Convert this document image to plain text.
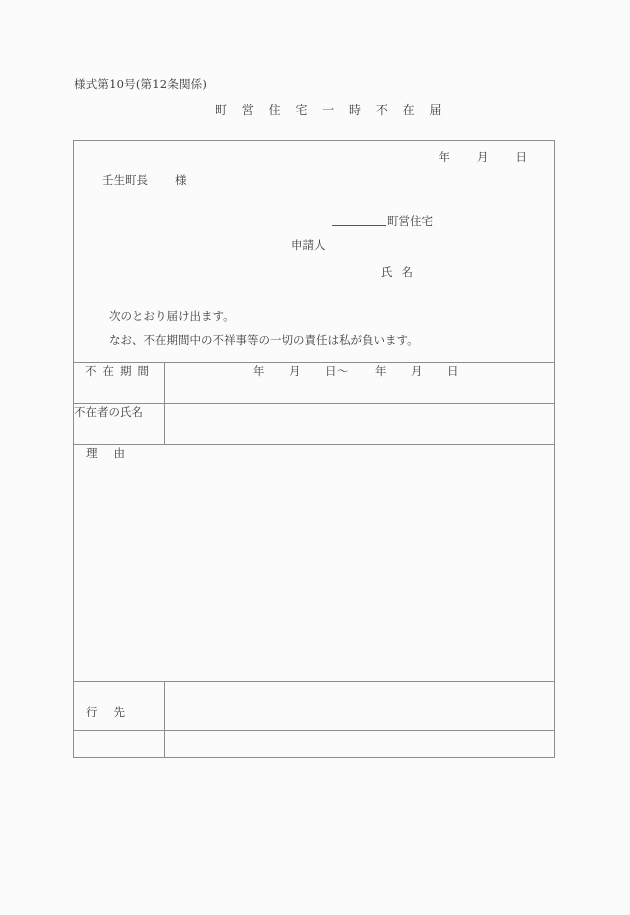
様式第10号(第12条関係)
町 営 住 宅 一 時 不 在 届
年 月 日
壬生町長 様
町営住宅
申請人
氏 名

次のとおり届け出ます。

なお、不在期間中の不祥事等の一切の責任は私が負います。

不在期間	年 月 日〜 年 月 日

不在者の氏名	
理由	
行先	
